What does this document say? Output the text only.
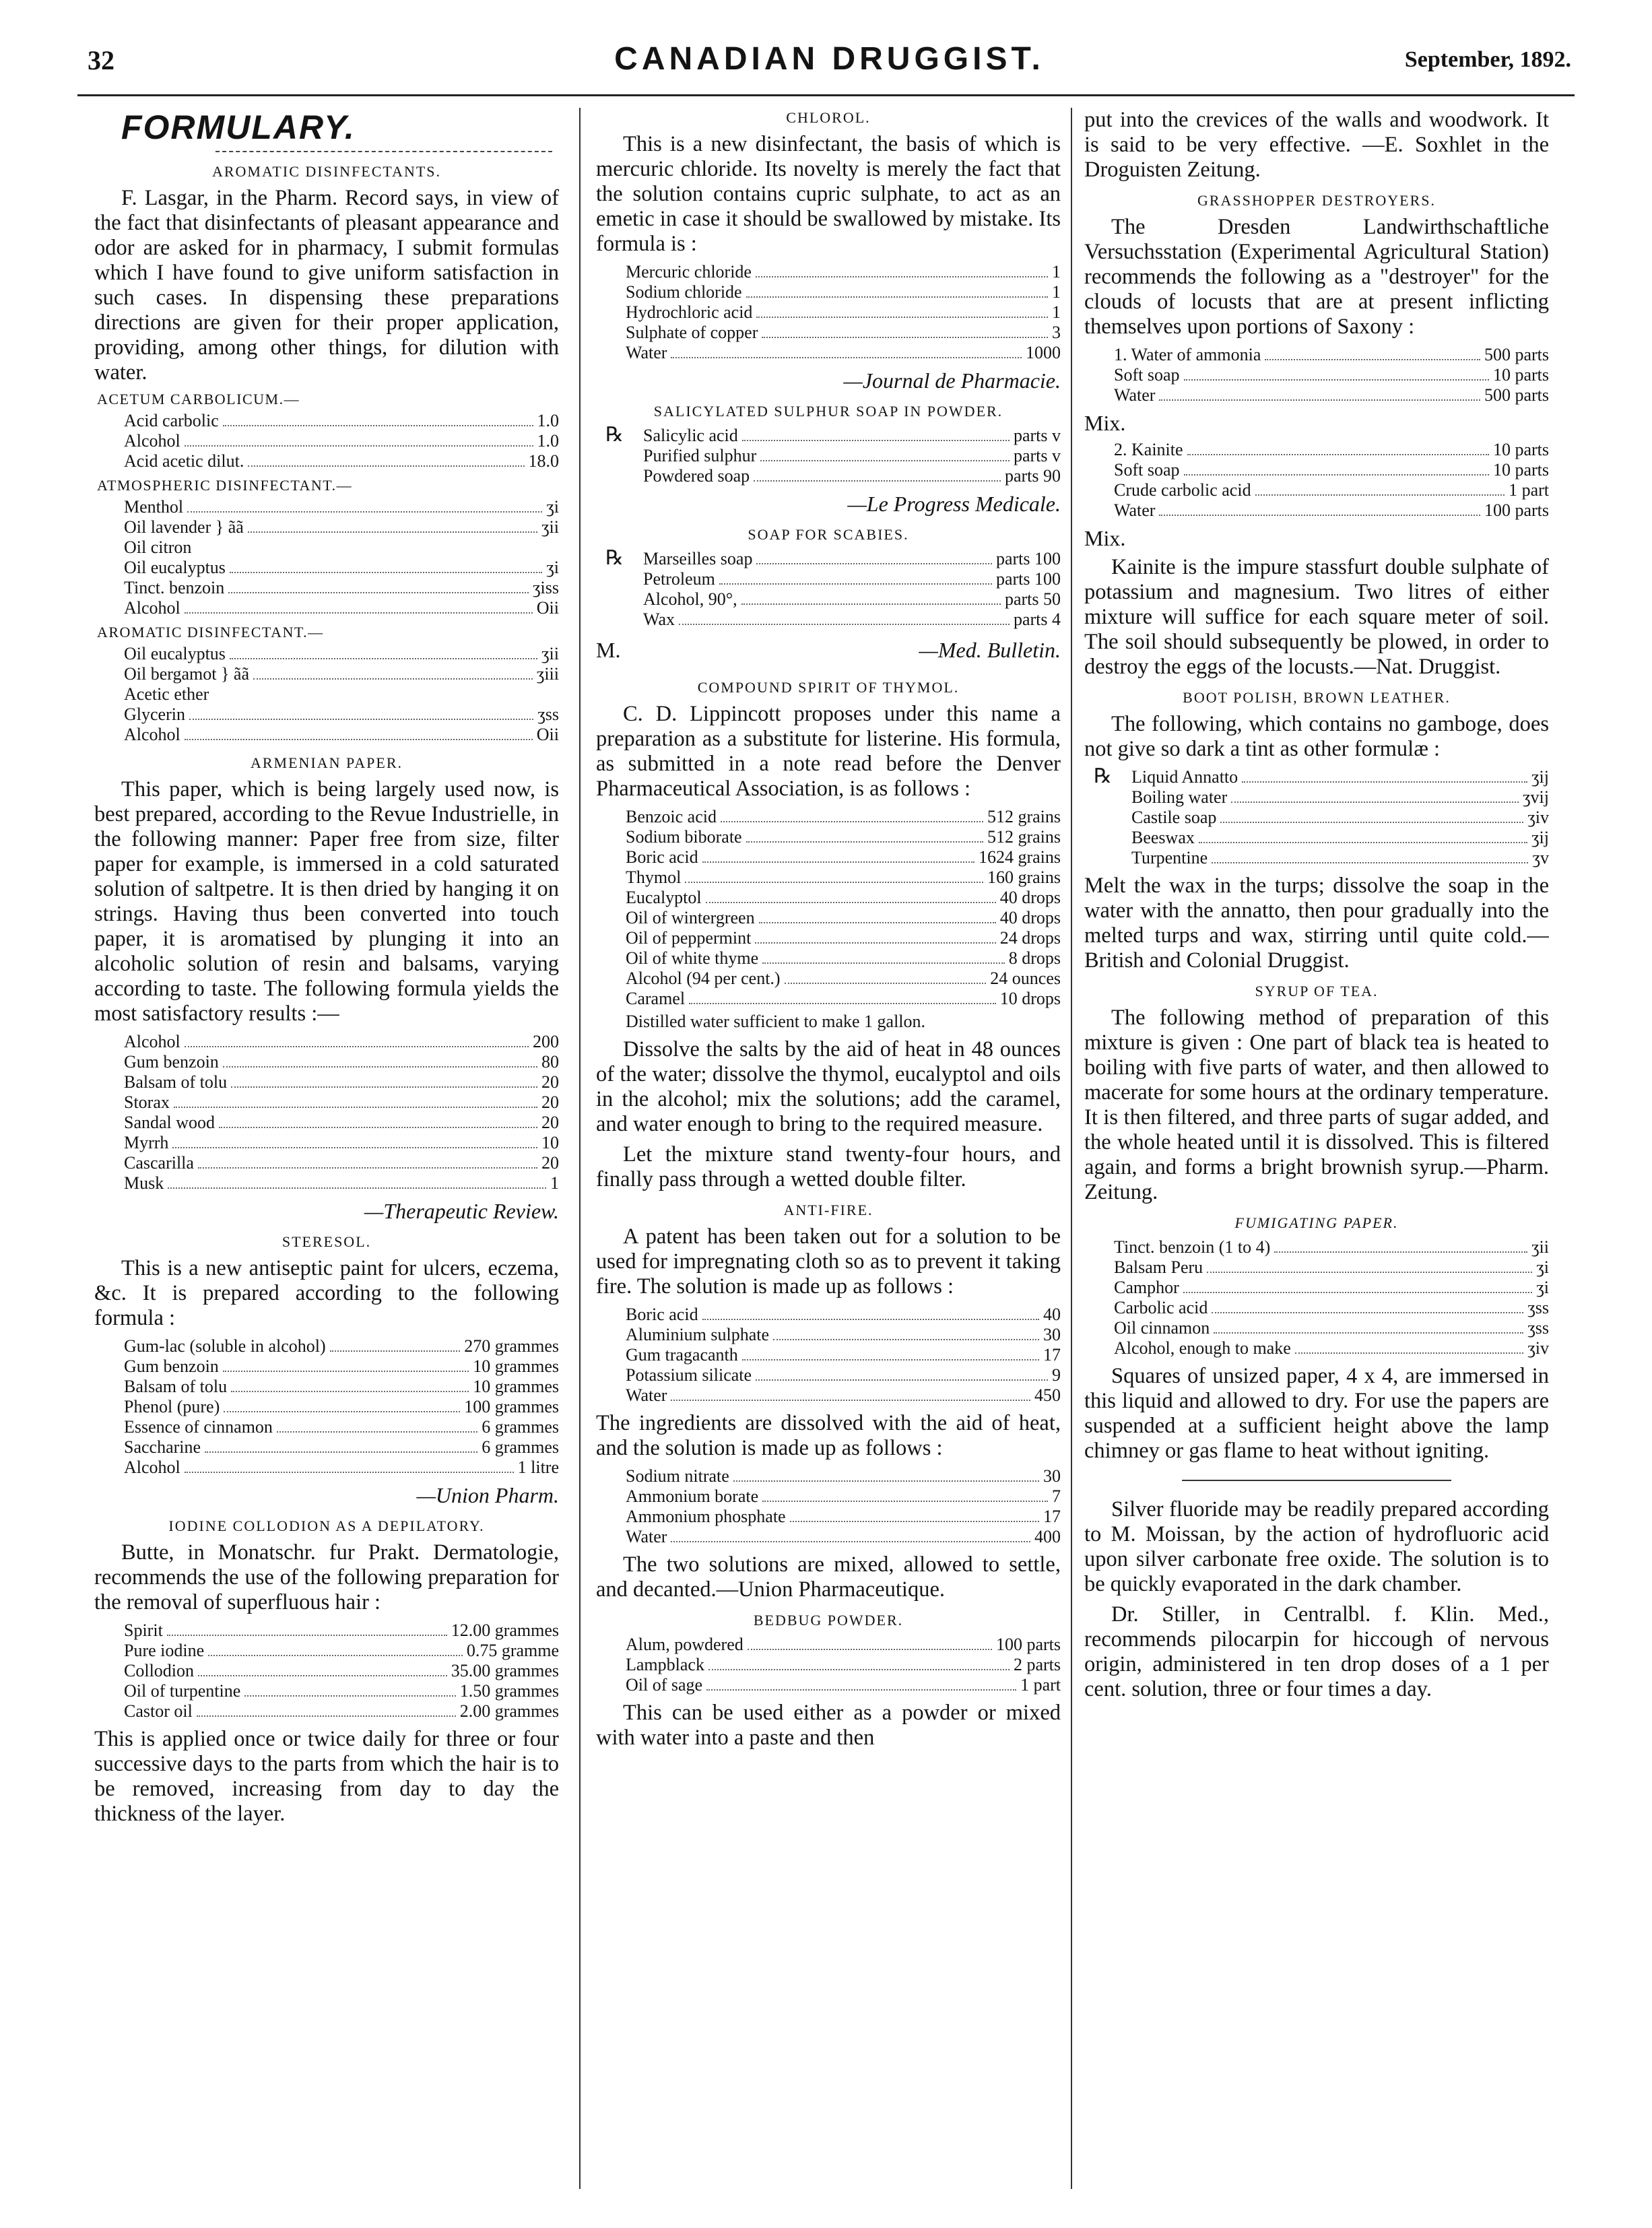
32	CANADIAN DRUGGIST.	September, 1892.
FORMULARY.
AROMATIC DISINFECTANTS.

F. Lasgar, in the Pharm. Record says, in view of the fact that disinfectants of pleasant appearance and odor are asked for in pharmacy, I submit formulas which I have found to give uniform satisfaction in such cases. In dispensing these preparations directions are given for their proper application, providing, among other things, for dilution with water.

ACETUM CARBOLICUM.—
Acid carbolic	1.0
Alcohol	1.0
Acid acetic dilut.	18.0
ATMOSPHERIC DISINFECTANT.—
Menthol	ʒi
Oil lavender } ãã	ʒii
Oil citron
Oil eucalyptus	ʒi
Tinct. benzoin	ʒiss
Alcohol	Oii
AROMATIC DISINFECTANT.—
Oil eucalyptus	ʒii
Oil bergamot } ãã	ʒiii
Acetic ether
Glycerin	ʒss
Alcohol	Oii
ARMENIAN PAPER.

This paper, which is being largely used now, is best prepared, according to the Revue Industrielle, in the following manner: Paper free from size, filter paper for example, is immersed in a cold saturated solution of saltpetre. It is then dried by hanging it on strings. Having thus been converted into touch paper, it is aromatised by plunging it into an alcoholic solution of resin and balsams, varying according to taste. The following formula yields the most satisfactory results :—

Alcohol	200
Gum benzoin	80
Balsam of tolu	20
Storax	20
Sandal wood	20
Myrrh	10
Cascarilla	20
Musk	1
—Therapeutic Review.
STERESOL.

This is a new antiseptic paint for ulcers, eczema, &c. It is prepared according to the following formula :

Gum-lac (soluble in alcohol)	270 grammes
Gum benzoin	10 grammes
Balsam of tolu	10 grammes
Phenol (pure)	100 grammes
Essence of cinnamon	6 grammes
Saccharine	6 grammes
Alcohol	1 litre
—Union Pharm.
IODINE COLLODION AS A DEPILATORY.

Butte, in Monatschr. fur Prakt. Dermatologie, recommends the use of the following preparation for the removal of superfluous hair :

Spirit	12.00 grammes
Pure iodine	0.75 gramme
Collodion	35.00 grammes
Oil of turpentine	1.50 grammes
Castor oil	2.00 grammes

This is applied once or twice daily for three or four successive days to the parts from which the hair is to be removed, increasing from day to day the thickness of the layer.

CHLOROL.

This is a new disinfectant, the basis of which is mercuric chloride. Its novelty is merely the fact that the solution contains cupric sulphate, to act as an emetic in case it should be swallowed by mistake. Its formula is :

Mercuric chloride	1
Sodium chloride	1
Hydrochloric acid	1
Sulphate of copper	3
Water	1000
—Journal de Pharmacie.
SALICYLATED SULPHUR SOAP IN POWDER.
℞ Salicylic acid	parts v
Purified sulphur	parts v
Powdered soap	parts 90
—Le Progress Medicale.
SOAP FOR SCABIES.
℞ Marseilles soap	parts 100
Petroleum	parts 100
Alcohol, 90°,	parts 50
Wax	parts 4
M.	—Med. Bulletin.
COMPOUND SPIRIT OF THYMOL.

C. D. Lippincott proposes under this name a preparation as a substitute for listerine. His formula, as submitted in a note read before the Denver Pharmaceutical Association, is as follows :

Benzoic acid	512 grains
Sodium biborate	512 grains
Boric acid	1624 grains
Thymol	160 grains
Eucalyptol	40 drops
Oil of wintergreen	40 drops
Oil of peppermint	24 drops
Oil of white thyme	8 drops
Alcohol (94 per cent.)	24 ounces
Caramel	10 drops
Distilled water sufficient to make 1 gallon.

Dissolve the salts by the aid of heat in 48 ounces of the water; dissolve the thymol, eucalyptol and oils in the alcohol; mix the solutions; add the caramel, and water enough to bring to the required measure.

Let the mixture stand twenty-four hours, and finally pass through a wetted double filter.

ANTI-FIRE.

A patent has been taken out for a solution to be used for impregnating cloth so as to prevent it taking fire. The solution is made up as follows :

Boric acid	40
Aluminium sulphate	30
Gum tragacanth	17
Potassium silicate	9
Water	450

The ingredients are dissolved with the aid of heat, and the solution is made up as follows :

Sodium nitrate	30
Ammonium borate	7
Ammonium phosphate	17
Water	400

The two solutions are mixed, allowed to settle, and decanted.—Union Pharmaceutique.

BEDBUG POWDER.
Alum, powdered	100 parts
Lampblack	2 parts
Oil of sage	1 part

This can be used either as a powder or mixed with water into a paste and then

put into the crevices of the walls and woodwork. It is said to be very effective. —E. Soxhlet in the Droguisten Zeitung.

GRASSHOPPER DESTROYERS.

The Dresden Landwirthschaftliche Versuchsstation (Experimental Agricultural Station) recommends the following as a "destroyer" for the clouds of locusts that are at present inflicting themselves upon portions of Saxony :

1. Water of ammonia	500 parts
Soft soap	10 parts
Water	500 parts
Mix.
2. Kainite	10 parts
Soft soap	10 parts
Crude carbolic acid	1 part
Water	100 parts
Mix.

Kainite is the impure stassfurt double sulphate of potassium and magnesium. Two litres of either mixture will suffice for each square meter of soil. The soil should subsequently be plowed, in order to destroy the eggs of the locusts.—Nat. Druggist.

BOOT POLISH, BROWN LEATHER.

The following, which contains no gamboge, does not give so dark a tint as other formulæ :

℞ Liquid Annatto	ʒij
Boiling water	ʒvij
Castile soap	ʒiv
Beeswax	ʒij
Turpentine	ʒv

Melt the wax in the turps; dissolve the soap in the water with the annatto, then pour gradually into the melted turps and wax, stirring until quite cold.—British and Colonial Druggist.

SYRUP OF TEA.

The following method of preparation of this mixture is given : One part of black tea is heated to boiling with five parts of water, and then allowed to macerate for some hours at the ordinary temperature. It is then filtered, and three parts of sugar added, and the whole heated until it is dissolved. This is filtered again, and forms a bright brownish syrup.—Pharm. Zeitung.

FUMIGATING PAPER.
Tinct. benzoin (1 to 4)	ʒii
Balsam Peru	ʒi
Camphor	ʒi
Carbolic acid	ʒss
Oil cinnamon	ʒss
Alcohol, enough to make	ʒiv

Squares of unsized paper, 4 x 4, are immersed in this liquid and allowed to dry. For use the papers are suspended at a sufficient height above the lamp chimney or gas flame to heat without igniting.

Silver fluoride may be readily prepared according to M. Moissan, by the action of hydrofluoric acid upon silver carbonate free oxide. The solution is to be quickly evaporated in the dark chamber.

Dr. Stiller, in Centralbl. f. Klin. Med., recommends pilocarpin for hiccough of nervous origin, administered in ten drop doses of a 1 per cent. solution, three or four times a day.
